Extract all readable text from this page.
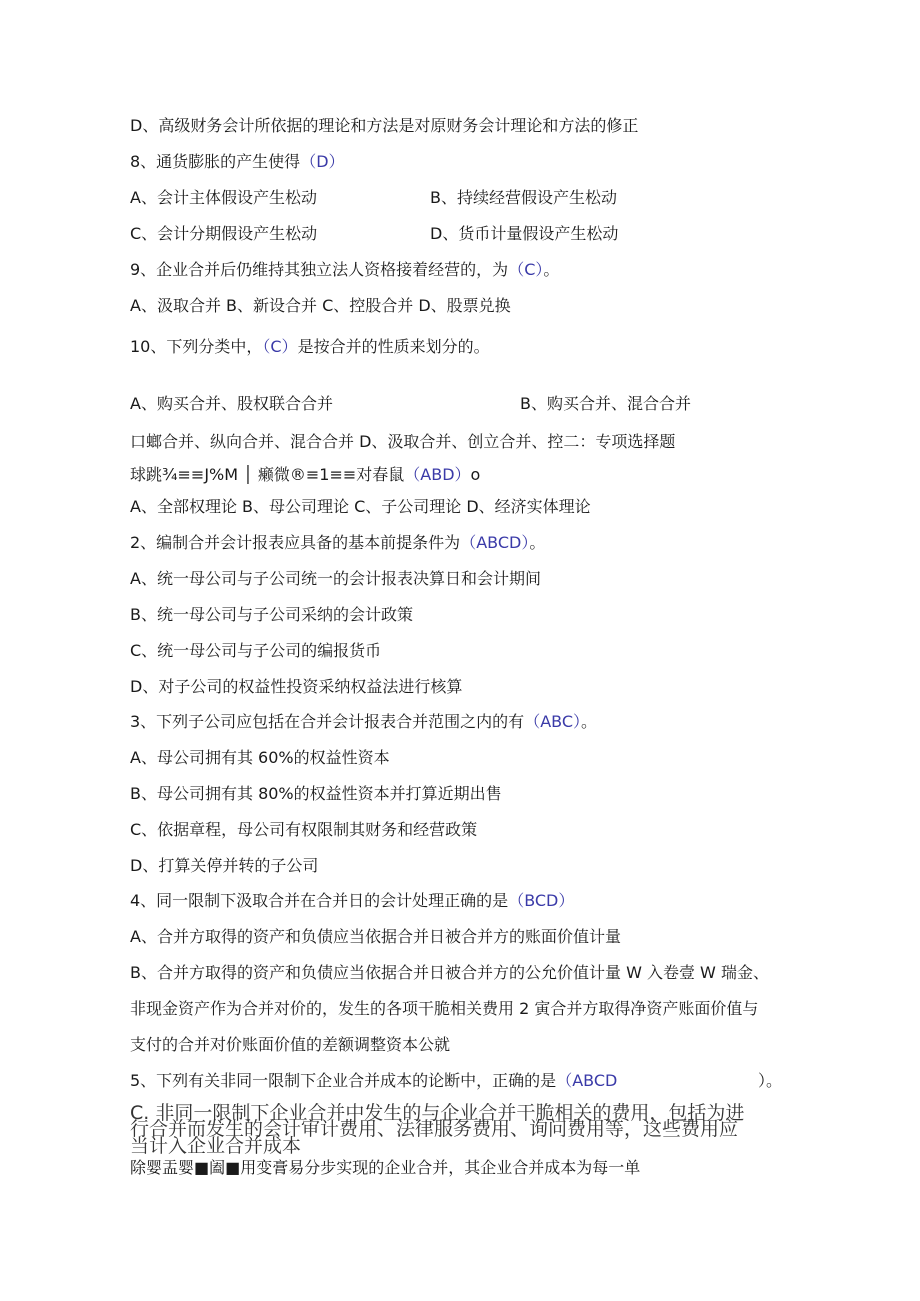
D、高级财务会计所依据的理论和方法是对原财务会计理论和方法的修正
8、通货膨胀的产生使得（D）
A、会计主体假设产生松动	B、持续经营假设产生松动
C、会计分期假设产生松动	D、货币计量假设产生松动
9、企业合并后仍维持其独立法人资格接着经营的，为（C）。
A、汲取合并 B、新设合并 C、控股合并 D、股票兑换
10、下列分类中，（C）是按合并的性质来划分的。
A、购买合并、股权联合合并	B、购买合并、混合合并
口螂合并、纵向合并、混合合并 D、汲取合并、创立合并、控二：专项选择题
球跳¾≡≡J%M │ 癞微®≡1≡≡对春鼠（ABD）o
A、全部权理论 B、母公司理论 C、子公司理论 D、经济实体理论
2、编制合并会计报表应具备的基本前提条件为（ABCD）。
A、统一母公司与子公司统一的会计报表决算日和会计期间
B、统一母公司与子公司采纳的会计政策
C、统一母公司与子公司的编报货币
D、对子公司的权益性投资采纳权益法进行核算
3、下列子公司应包括在合并会计报表合并范围之内的有（ABC）。
A、母公司拥有其 60%的权益性资本
B、母公司拥有其 80%的权益性资本并打算近期出售
C、依据章程，母公司有权限制其财务和经营政策
D、打算关停并转的子公司
4、同一限制下汲取合并在合并日的会计处理正确的是（BCD）
A、合并方取得的资产和负债应当依据合并日被合并方的账面价值计量
B、合并方取得的资产和负债应当依据合并日被合并方的公允价值计量 W 入卷壹 W 瑞金、
非现金资产作为合并对价的，发生的各项干脆相关费用 2 寅合并方取得净资产账面价值与
支付的合并对价账面价值的差额调整资本公就
5、下列有关非同一限制下企业合并成本的论断中，正确的是（ABCD	）。
C. 非同一限制下企业合并中发生的与企业合并干脆相关的费用，包括为进
行合并而发生的会计审计费用、法律服务费用、询问费用等，这些费用应
当计入企业合并成本
除婴盂婴■阖■用变膏易分步实现的企业合并，其企业合并成本为每一单
